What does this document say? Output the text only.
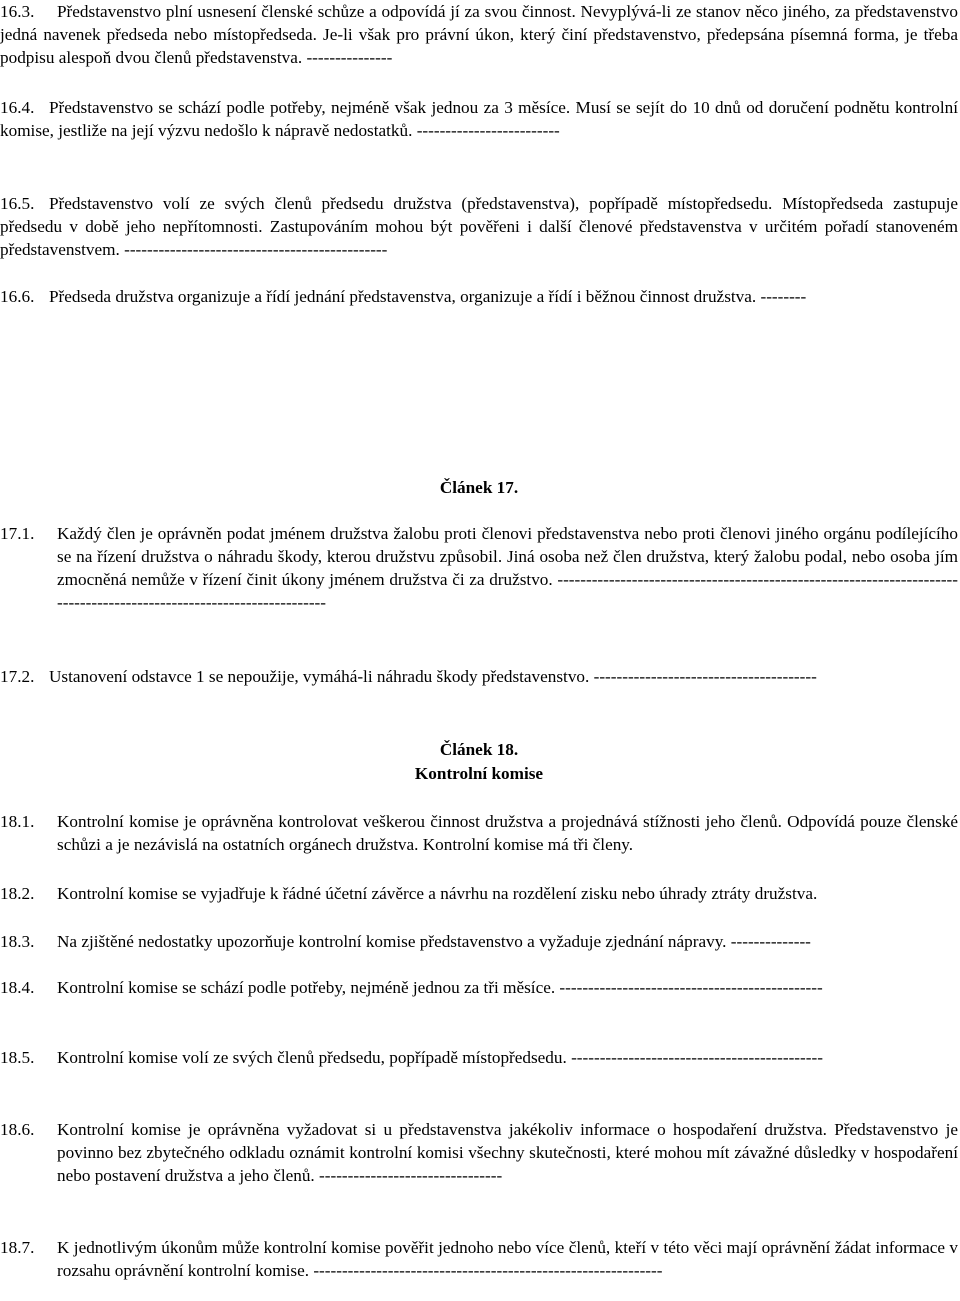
16.3.	Představenstvo plní usnesení členské schůze a odpovídá jí za svou činnost. Nevyplývá-li ze stanov něco jiného, za představenstvo jedná navenek předseda nebo místopředseda. Je-li však pro právní úkon, který činí představenstvo, předepsána písemná forma, je třeba podpisu alespoň dvou členů představenstva. ---------------

16.4. Představenstvo se schází podle potřeby, nejméně však jednou za 3 měsíce. Musí se sejít do 10 dnů od doručení podnětu kontrolní komise, jestliže na její výzvu nedošlo k nápravě nedostatků. -------------------------

16.5. Představenstvo volí ze svých členů předsedu družstva (představenstva), popřípadě místopředsedu. Místopředseda zastupuje předsedu v době jeho nepřítomnosti. Zastupováním mohou být pověřeni i další členové představenstva v určitém pořadí stanoveném představenstvem. ----------------------------------------------

16.6. Předseda družstva organizuje a řídí jednání představenstva, organizuje a řídí i běžnou činnost družstva. --------

Článek 17.

17.1. Každý člen je oprávněn podat jménem družstva žalobu proti členovi představenstva nebo proti členovi jiného orgánu podílejícího se na řízení družstva o náhradu škody, kterou družstvu způsobil. Jiná osoba než člen družstva, který žalobu podal, nebo osoba jím zmocněná nemůže v řízení činit úkony jménem družstva či za družstvo. ---------------------------------------------------------------------------------------------------------------------

17.2. Ustanovení odstavce 1 se nepoužije, vymáhá-li náhradu škody představenstvo. ---------------------------------------

Článek 18.
Kontrolní komise

18.1. Kontrolní komise je oprávněna kontrolovat veškerou činnost družstva a projednává stížnosti jeho členů. Odpovídá pouze členské schůzi a je nezávislá na ostatních orgánech družstva. Kontrolní komise má tři členy.

18.2. Kontrolní komise se vyjadřuje k řádné účetní závěrce a návrhu na rozdělení zisku nebo úhrady ztráty družstva.

18.3. Na zjištěné nedostatky upozorňuje kontrolní komise představenstvo a vyžaduje zjednání nápravy. --------------

18.4. Kontrolní komise se schází podle potřeby, nejméně jednou za tři měsíce. ----------------------------------------------

18.5. Kontrolní komise volí ze svých členů předsedu, popřípadě místopředsedu. --------------------------------------------

18.6. Kontrolní komise je oprávněna vyžadovat si u představenstva jakékoliv informace o hospodaření družstva. Představenstvo je povinno bez zbytečného odkladu oznámit kontrolní komisi všechny skutečnosti, které mohou mít závažné důsledky v hospodaření nebo postavení družstva a jeho členů. --------------------------------

18.7. K jednotlivým úkonům může kontrolní komise pověřit jednoho nebo více členů, kteří v této věci mají oprávnění žádat informace v rozsahu oprávnění kontrolní komise. -------------------------------------------------------------
